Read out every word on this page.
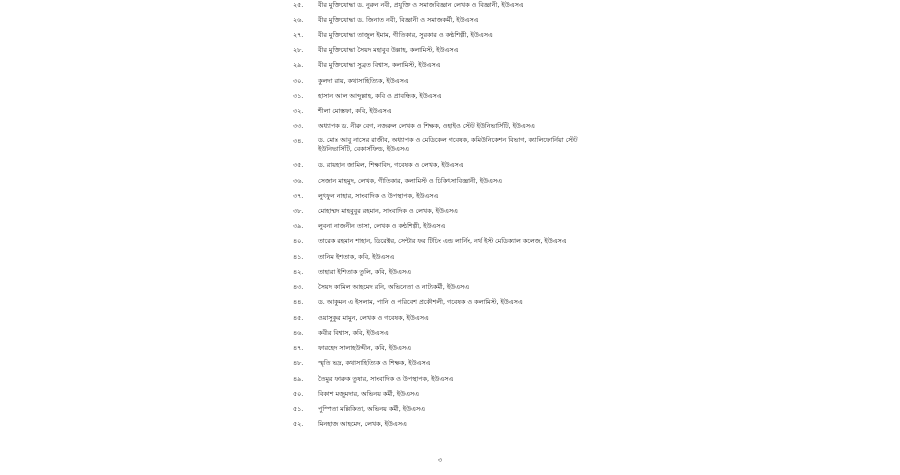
২৫.	বীর মুক্তিযোদ্ধা ড. নুরুন নবী, প্রযুক্তি ও সমাজবিজ্ঞান লেখক ও বিজ্ঞানী, ইউএসএ
২৬.	বীর মুক্তিযোদ্ধা ড. জিনাত নবী, বিজ্ঞানী ও সমাজকর্মী, ইউএসএ
২৭.	বীর মুক্তিযোদ্ধা তাজুল ইমাম, গীতিকার, সুরকার ও কণ্ঠশিল্পী, ইউএসএ
২৮.	বীর মুক্তিযোদ্ধা সৈয়দ মহাবুব উল্লাহ, কলামিস্ট, ইউএসএ
২৯.	বীর মুক্তিযোদ্ধা সুব্রত বিশ্বাস, কলামিস্ট, ইউএসএ
৩০.	কুলদা রায়, কথাসাহিত্যিক, ইউএসএ
৩১.	হাসান আল আব্দুল্লাহ, কবি ও প্রাবন্ধিক, ইউএসএ
৩২.	শীলা মোস্তফা, কবি, ইউএসএ
৩৩.	অধ্যাপক ড. নীরু বেগ, নজরুল লেখক ও শিক্ষক, ওহাইও স্টেট ইউনিভার্সিটি, ইউএসএ
৩৪.	ড. মোঃ আবু নাসের রাজীব, অধ্যাপক ও মেডিকেল গবেষক, কমিউনিকেশন বিভাগ, ক্যালিফোর্নিয়া স্টেট ইউনিভার্সিটি, বেকার্সফিল্ড, ইউএসএ
৩৫.	ড. রায়হান জামিল, শিক্ষাবিদ, গবেষক ও লেখক, ইউএসএ
৩৬.	সেজান মাহমুদ, লেখক, গীতিকার, কলামিস্ট ও চিকিৎসাবিজ্ঞানী, ইউএসএ
৩৭.	লুৎফুন নাহার, সাংবাদিক ও উপস্থাপক, ইউএসএ
৩৮.	মোহাম্মদ মাহবুবুর রহমান, সাংবাদিক ও লেখক, ইউএসএ
৩৯.	লুবনা নাজনীন তাসা, লেখক ও কন্ঠশিল্পী, ইউএসএ
৪০.	তারেক রহমান শাহান, ডিরেক্টর, সেন্টার ফর টিচিং এন্ড লার্নিং, নর্থ ইস্ট মেডিক্যাল কলেজ, ইউএসএ
৪১.	তানিম ইশতাক, কবি, ইউএসএ
৪২.	তাহারা ইশিতাক তুলি, কবি, ইউএসএ
৪৩.	সৈয়দ কামিল আহমেদ রনি, অভিনেতা ও নাট্যকর্মী, ইউএসএ
৪৪.	ড. আকুমন এ ইসলাম, পানি ও পরিবেশ প্রকৌশলী, গবেষক ও কলামিস্ট, ইউএসএ
৪৫.	ওয়াসুকুর মামুন, লেখক ও গবেষক, ইউএসএ
৪৬.	কবীর বিশ্বাস, কবি, ইউএসএ
৪৭.	ফারহেদ সালাহউদ্দীন, কবি, ইউএসএ
৪৮.	স্মৃতি ভদ্র, কথাসাহিত্যিক ও শিক্ষক, ইউএসএ
৪৯.	তৈমুর ফারুক তুষার, সাংবাদিক ও উপস্থাপক, ইউএসএ
৫০.	বিকাশ মজুমদার, অভিনয় কর্মী, ইউএসএ
৫১.	পুস্পিতা মল্লিকিতা, অভিনয় কর্মী, ইউএসএ
৫২.	মিনহাজ আহমেদ, লেখক, ইউএসএ
৩
